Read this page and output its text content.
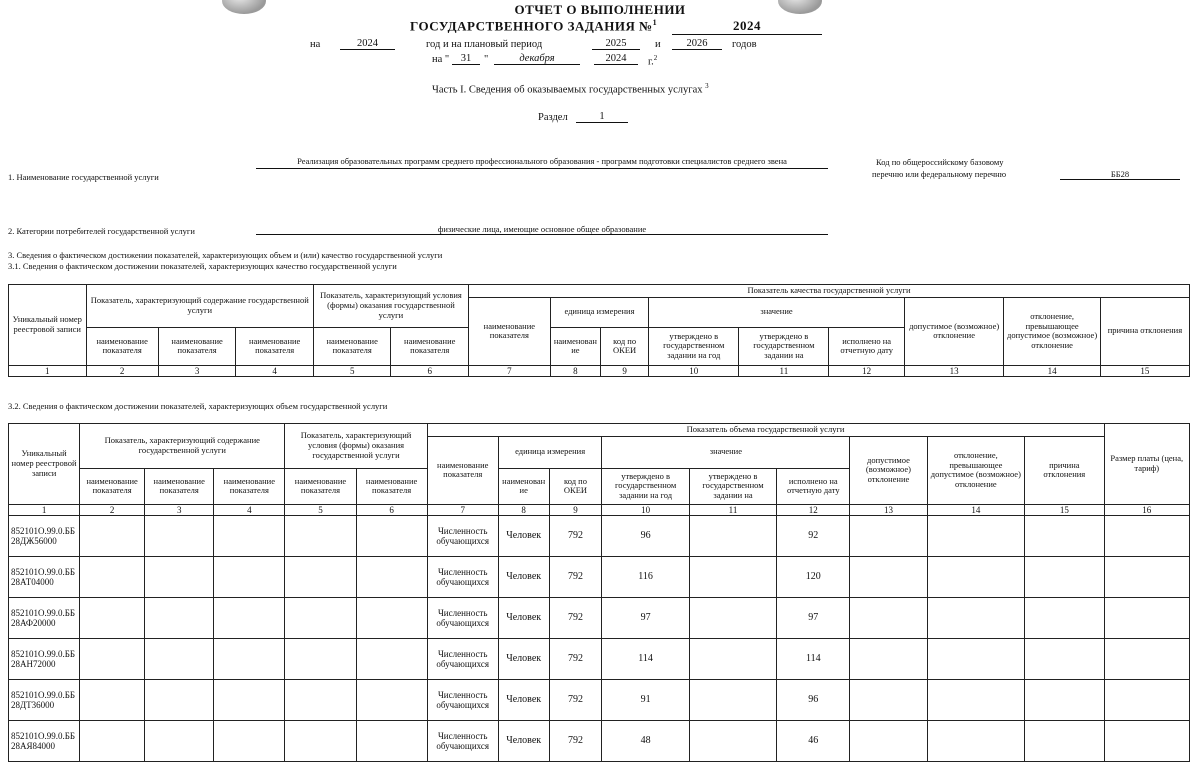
ОТЧЕТ О ВЫПОЛНЕНИИ
ГОСУДАРСТВЕННОГО ЗАДАНИЯ №$^1$	2024
на	2024	год и на плановый период	2025	и	2026	годов
на "	31	"	декабря	2024	г.$^2$
Часть I. Сведения об оказываемых государственных услугах $^3$
Раздел	1
1. Наименование государственной услуги
Реализация образовательных программ среднего профессионального образования - программ подготовки специалистов среднего звена	Код по общероссийскому базовому
перечню или федеральному перечню	ББ28
2. Категории потребителей государственной услуги	физические лица, имеющие основное общее образование
3. Сведения о фактическом достижении показателей, характеризующих объем и (или) качество государственной услуги
3.1. Сведения о фактическом достижении показателей, характеризующих качество государственной услуги
Уникальный номер реестровой записи	Показатель, характеризующий содержание государственной услуги			Показатель, характеризующий условия (формы) оказания государственной услуги		Показатель качества государственной услуги								
						наименование показателя	единица измерения		значение			допустимое (возможное) отклонение	отклонение, превышающее допустимое (возможное) отклонение	причина отклонения
	наименование показателя	наименование показателя	наименование показателя	наименование показателя	наименование показателя		наименован ие	код по ОКЕИ	утверждено в государственном задании на год	утверждено в государственном задании на	исполнено на отчетную дату			
1	2	3	4	5	6	7	8	9	10	11	12	13	14	15
3.2. Сведения о фактическом достижении показателей, характеризующих объем государственной услуги
Уникальный номер реестровой записи	Показатель, характеризующий содержание государственной услуги			Показатель, характеризующий условия (формы) оказания государственной услуги		Показатель объема государственной услуги									Размер платы (цена, тариф)
						наименование показателя	единица измерения		значение			допустимое (возможное) отклонение	отклонение, превышающее допустимое (возможное) отклонение	причина отклонения	
	наименование показателя	наименование показателя	наименование показателя	наименование показателя	наименование показателя		наименован ие	код по ОКЕИ	утверждено в государственном задании на год	утверждено в государственном задании на	исполнено на отчетную дату				
1	2	3	4	5	6	7	8	9	10	11	12	13	14	15	16
852101О.99.0.ББ28ДЖ56000						Численность обучающихся	Человек	792	96		92				
852101О.99.0.ББ28АТ04000						Численность обучающихся	Человек	792	116		120				
852101О.99.0.ББ28АФ20000						Численность обучающихся	Человек	792	97		97				
852101О.99.0.ББ28АН72000						Численность обучающихся	Человек	792	114		114				
852101О.99.0.ББ28ДТ36000						Численность обучающихся	Человек	792	91		96				
852101О.99.0.ББ28АЯ84000						Численность обучающихся	Человек	792	48		46				
